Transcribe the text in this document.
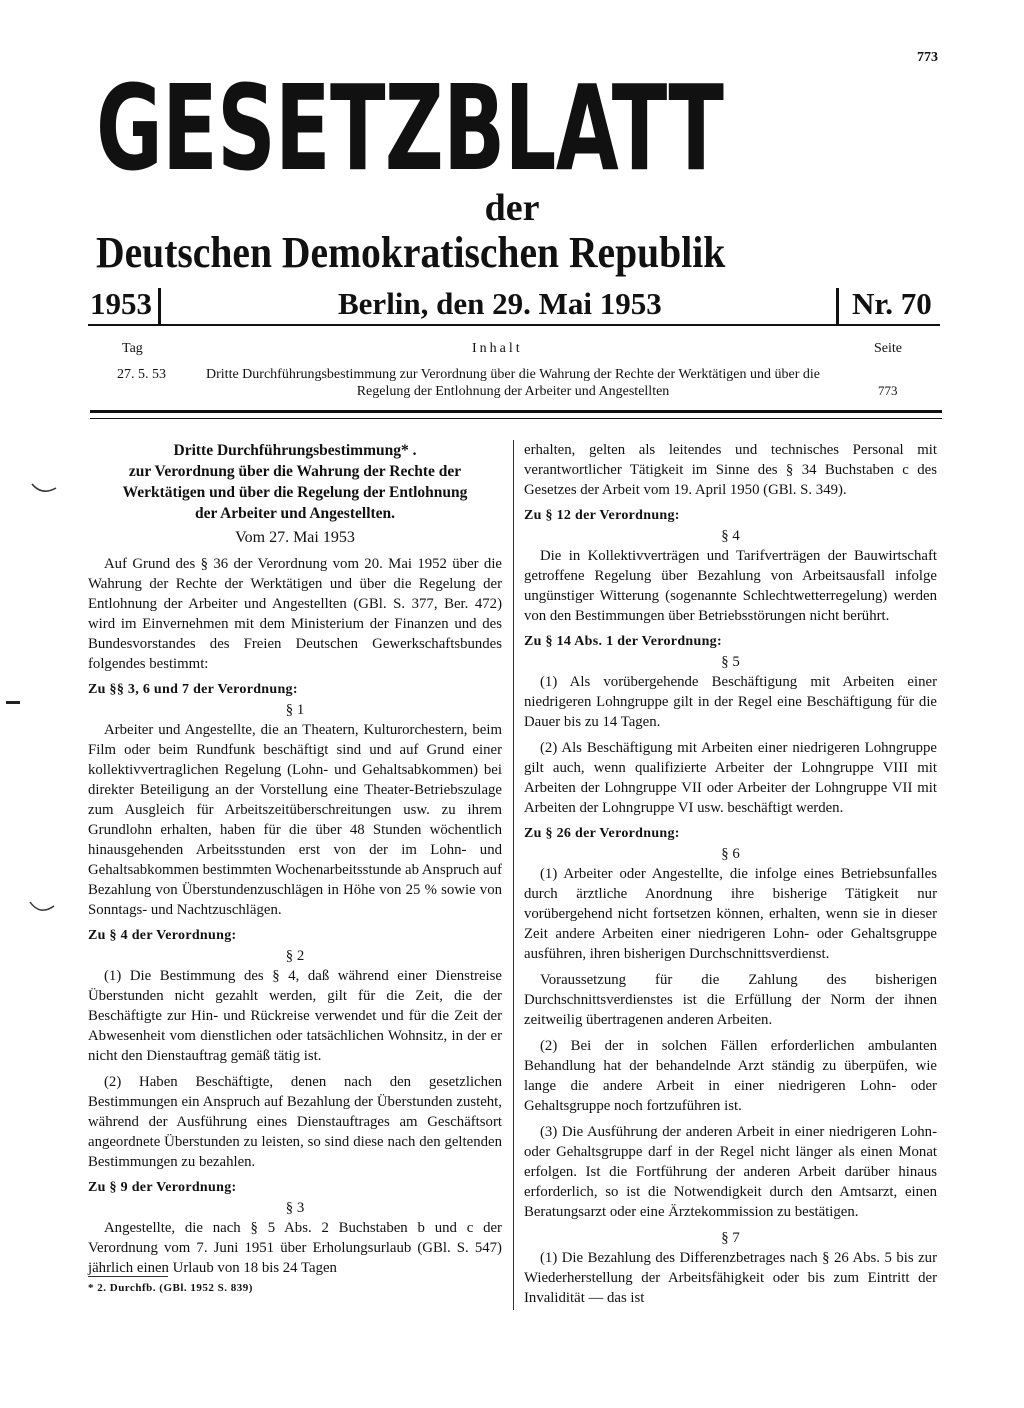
773
GESETZBLATT
der
Deutschen Demokratischen Republik
1953	Berlin, den 29. Mai 1953	Nr. 70
Tag	Inhalt	Seite
27. 5. 53	Dritte Durchführungsbestimmung zur Verordnung über die Wahrung der Rechte der Werktätigen und über die Regelung der Entlohnung der Arbeiter und Angestellten	773
Dritte Durchführungsbestimmung* .
zur Verordnung über die Wahrung der Rechte der
Werktätigen und über die Regelung der Entlohnung
der Arbeiter und Angestellten.
Vom 27. Mai 1953

Auf Grund des § 36 der Verordnung vom 20. Mai 1952 über die Wahrung der Rechte der Werktätigen und über die Regelung der Entlohnung der Arbeiter und Angestellten (GBl. S. 377, Ber. 472) wird im Einvernehmen mit dem Ministerium der Finanzen und des Bundesvorstandes des Freien Deutschen Gewerkschaftsbundes folgendes bestimmt:

Zu §§ 3, 6 und 7 der Verordnung:

§ 1

Arbeiter und Angestellte, die an Theatern, Kulturorchestern, beim Film oder beim Rundfunk beschäftigt sind und auf Grund einer kollektivvertraglichen Regelung (Lohn- und Gehaltsabkommen) bei direkter Beteiligung an der Vorstellung eine Theater-Betriebszulage zum Ausgleich für Arbeitszeitüberschreitungen usw. zu ihrem Grundlohn erhalten, haben für die über 48 Stunden wöchentlich hinausgehenden Arbeitsstunden erst von der im Lohn- und Gehaltsabkommen bestimmten Wochenarbeitsstunde ab Anspruch auf Bezahlung von Überstundenzuschlägen in Höhe von 25 % sowie von Sonntags- und Nachtzuschlägen.

Zu § 4 der Verordnung:

§ 2

(1) Die Bestimmung des § 4, daß während einer Dienstreise Überstunden nicht gezahlt werden, gilt für die Zeit, die der Beschäftigte zur Hin- und Rückreise verwendet und für die Zeit der Abwesenheit vom dienstlichen oder tatsächlichen Wohnsitz, in der er nicht den Dienstauftrag gemäß tätig ist.

(2) Haben Beschäftigte, denen nach den gesetzlichen Bestimmungen ein Anspruch auf Bezahlung der Überstunden zusteht, während der Ausführung eines Dienstauftrages am Geschäftsort angeordnete Überstunden zu leisten, so sind diese nach den geltenden Bestimmungen zu bezahlen.

Zu § 9 der Verordnung:

§ 3

Angestellte, die nach § 5 Abs. 2 Buchstaben b und c der Verordnung vom 7. Juni 1951 über Erholungsurlaub (GBl. S. 547) jährlich einen Urlaub von 18 bis 24 Tagen

erhalten, gelten als leitendes und technisches Personal mit verantwortlicher Tätigkeit im Sinne des § 34 Buchstaben c des Gesetzes der Arbeit vom 19. April 1950 (GBl. S. 349).

Zu § 12 der Verordnung:

§ 4

Die in Kollektivverträgen und Tarifverträgen der Bauwirtschaft getroffene Regelung über Bezahlung von Arbeitsausfall infolge ungünstiger Witterung (sogenannte Schlechtwetterregelung) werden von den Bestimmungen über Betriebsstörungen nicht berührt.

Zu § 14 Abs. 1 der Verordnung:

§ 5

(1) Als vorübergehende Beschäftigung mit Arbeiten einer niedrigeren Lohngruppe gilt in der Regel eine Beschäftigung für die Dauer bis zu 14 Tagen.

(2) Als Beschäftigung mit Arbeiten einer niedrigeren Lohngruppe gilt auch, wenn qualifizierte Arbeiter der Lohngruppe VIII mit Arbeiten der Lohngruppe VII oder Arbeiter der Lohngruppe VII mit Arbeiten der Lohngruppe VI usw. beschäftigt werden.

Zu § 26 der Verordnung:

§ 6

(1) Arbeiter oder Angestellte, die infolge eines Betriebsunfalles durch ärztliche Anordnung ihre bisherige Tätigkeit nur vorübergehend nicht fortsetzen können, erhalten, wenn sie in dieser Zeit andere Arbeiten einer niedrigeren Lohn- oder Gehaltsgruppe ausführen, ihren bisherigen Durchschnittsverdienst.

Voraussetzung für die Zahlung des bisherigen Durchschnittsverdienstes ist die Erfüllung der Norm der ihnen zeitweilig übertragenen anderen Arbeiten.

(2) Bei der in solchen Fällen erforderlichen ambulanten Behandlung hat der behandelnde Arzt ständig zu überpüfen, wie lange die andere Arbeit in einer niedrigeren Lohn- oder Gehaltsgruppe noch fortzuführen ist.

(3) Die Ausführung der anderen Arbeit in einer niedrigeren Lohn- oder Gehaltsgruppe darf in der Regel nicht länger als einen Monat erfolgen. Ist die Fortführung der anderen Arbeit darüber hinaus erforderlich, so ist die Notwendigkeit durch den Amtsarzt, einen Beratungsarzt oder eine Ärztekommission zu bestätigen.

§ 7

(1) Die Bezahlung des Differenzbetrages nach § 26 Abs. 5 bis zur Wiederherstellung der Arbeitsfähigkeit oder bis zum Eintritt der Invalidität — das ist

* 2. Durchfb. (GBl. 1952 S. 839)
